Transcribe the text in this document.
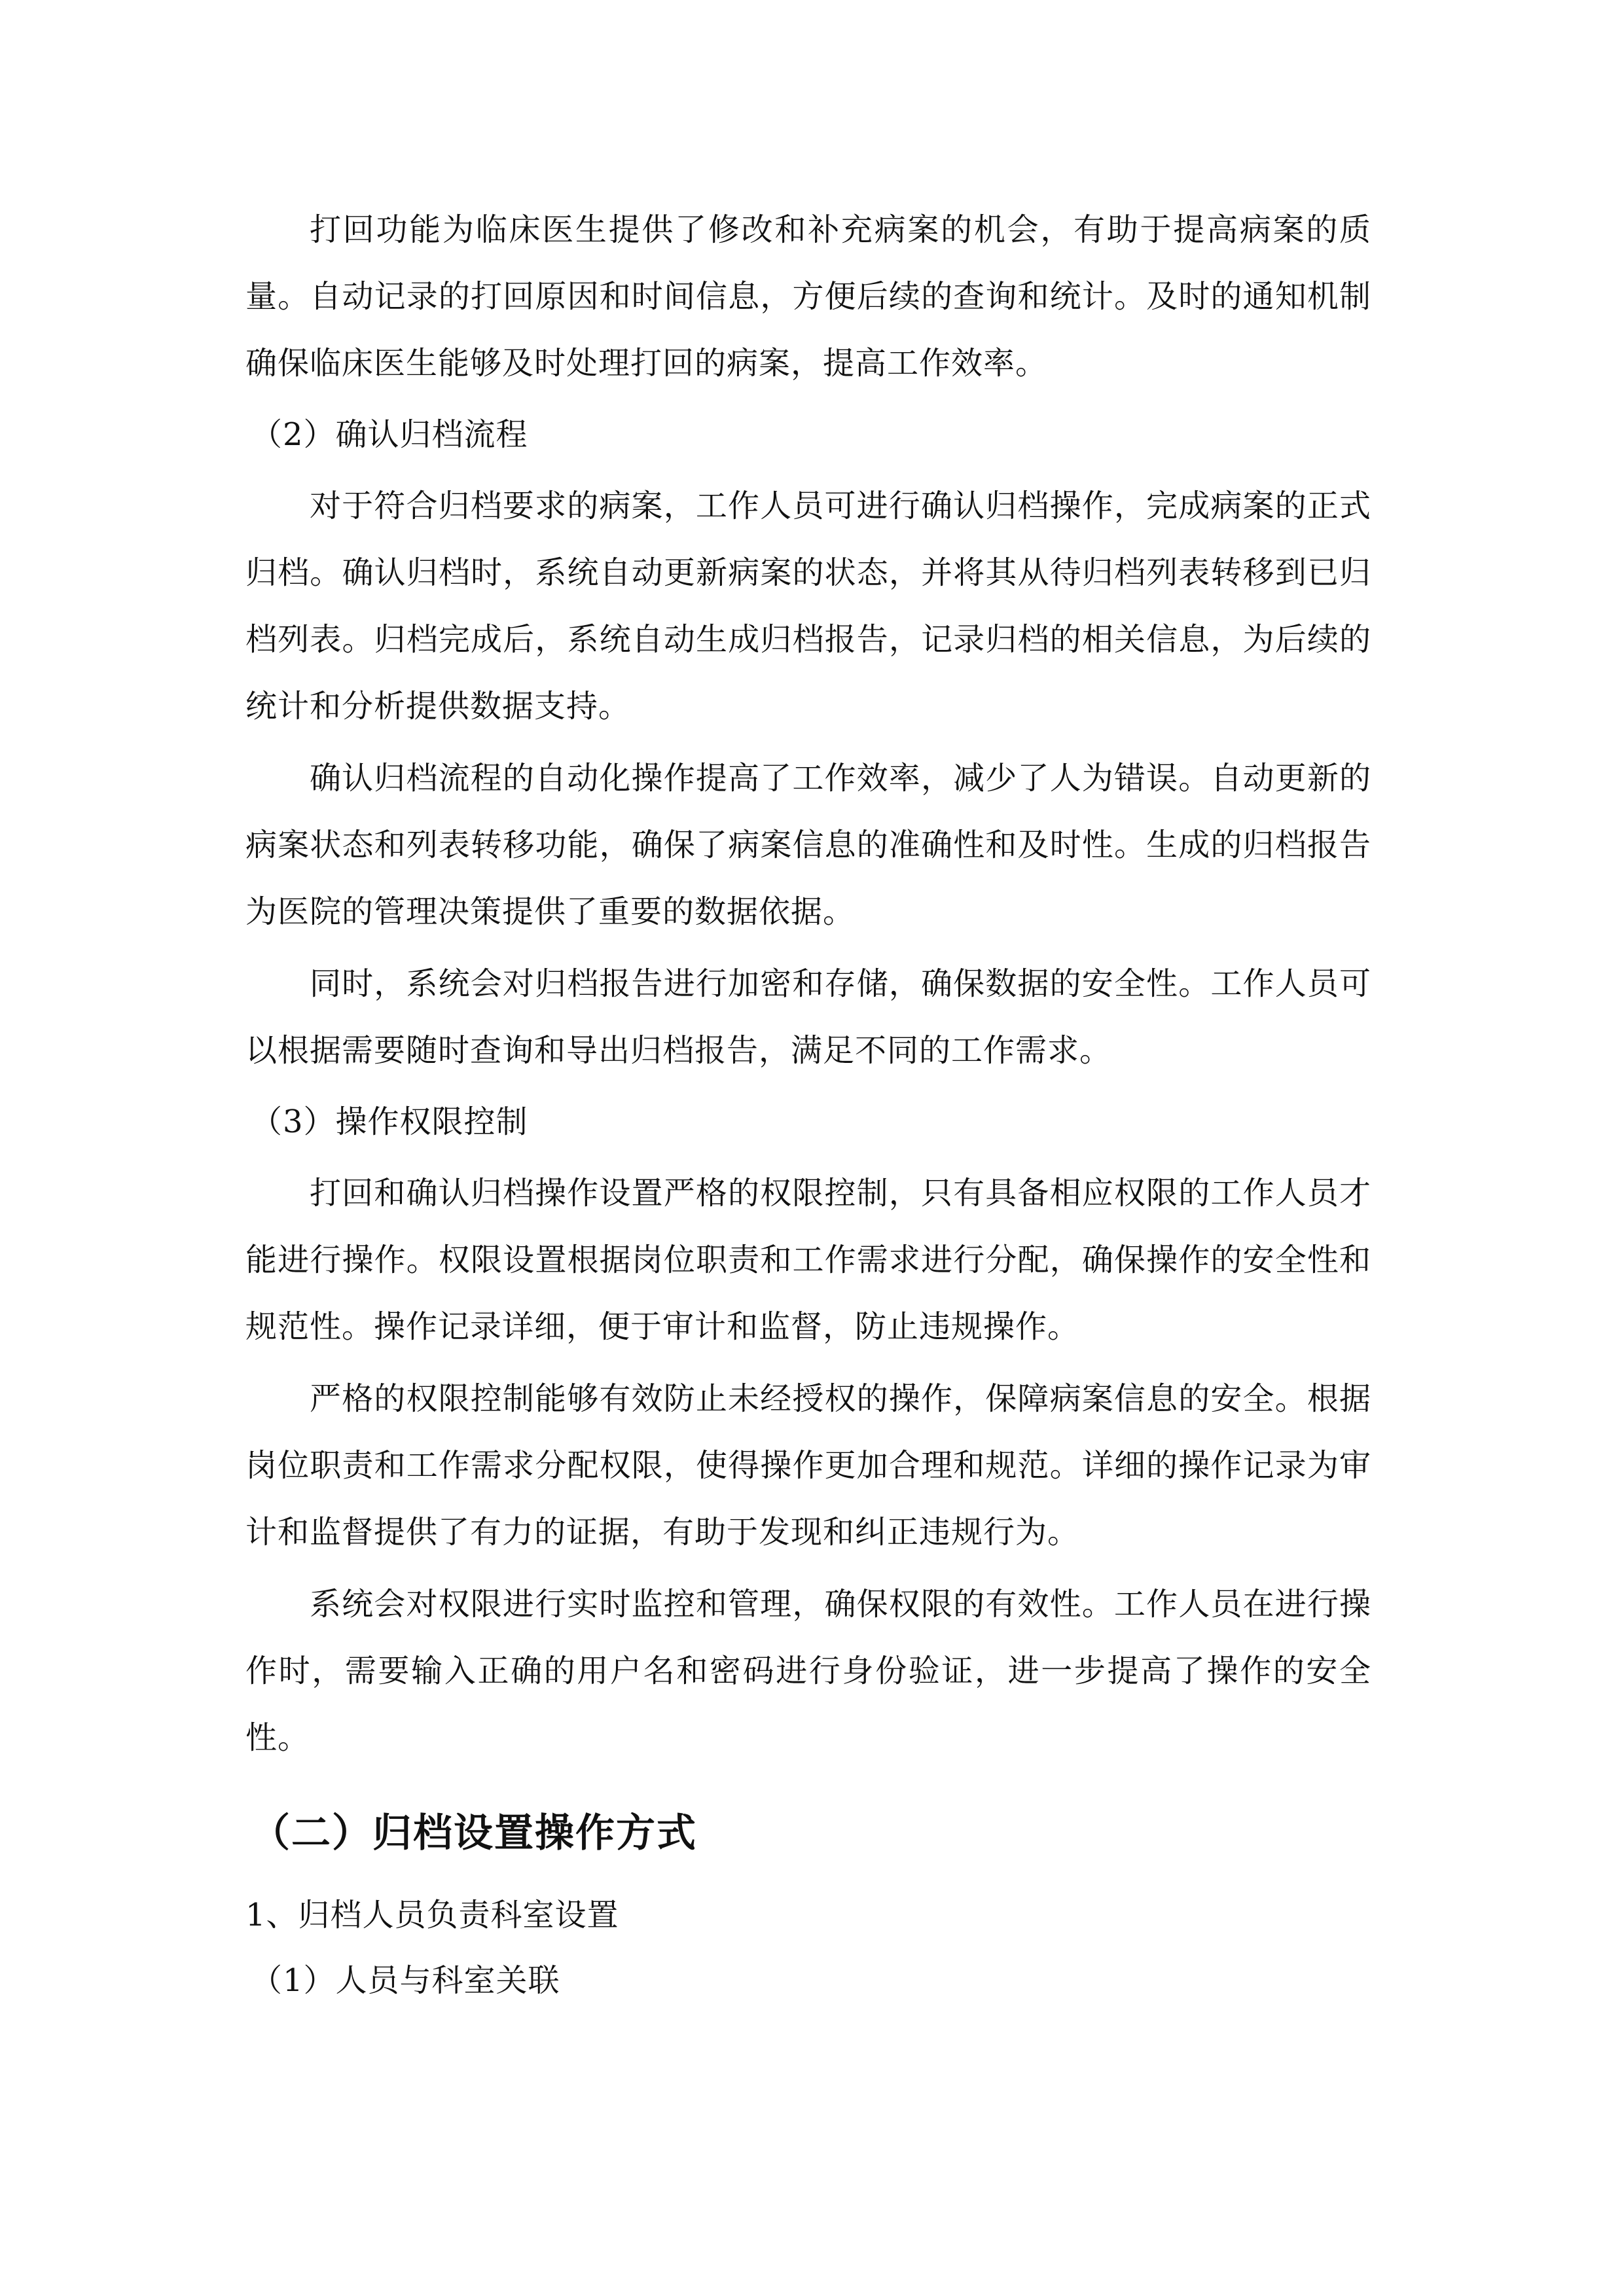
打回功能为临床医生提供了修改和补充病案的机会，有助于提高病案的质量。自动记录的打回原因和时间信息，方便后续的查询和统计。及时的通知机制确保临床医生能够及时处理打回的病案，提高工作效率。

（2）确认归档流程

对于符合归档要求的病案，工作人员可进行确认归档操作，完成病案的正式归档。确认归档时，系统自动更新病案的状态，并将其从待归档列表转移到已归档列表。归档完成后，系统自动生成归档报告，记录归档的相关信息，为后续的统计和分析提供数据支持。

确认归档流程的自动化操作提高了工作效率，减少了人为错误。自动更新的病案状态和列表转移功能，确保了病案信息的准确性和及时性。生成的归档报告为医院的管理决策提供了重要的数据依据。

同时，系统会对归档报告进行加密和存储，确保数据的安全性。工作人员可以根据需要随时查询和导出归档报告，满足不同的工作需求。

（3）操作权限控制

打回和确认归档操作设置严格的权限控制，只有具备相应权限的工作人员才能进行操作。权限设置根据岗位职责和工作需求进行分配，确保操作的安全性和规范性。操作记录详细，便于审计和监督，防止违规操作。

严格的权限控制能够有效防止未经授权的操作，保障病案信息的安全。根据岗位职责和工作需求分配权限，使得操作更加合理和规范。详细的操作记录为审计和监督提供了有力的证据，有助于发现和纠正违规行为。

系统会对权限进行实时监控和管理，确保权限的有效性。工作人员在进行操作时，需要输入正确的用户名和密码进行身份验证，进一步提高了操作的安全性。

（二）归档设置操作方式

1、归档人员负责科室设置

（1）人员与科室关联
